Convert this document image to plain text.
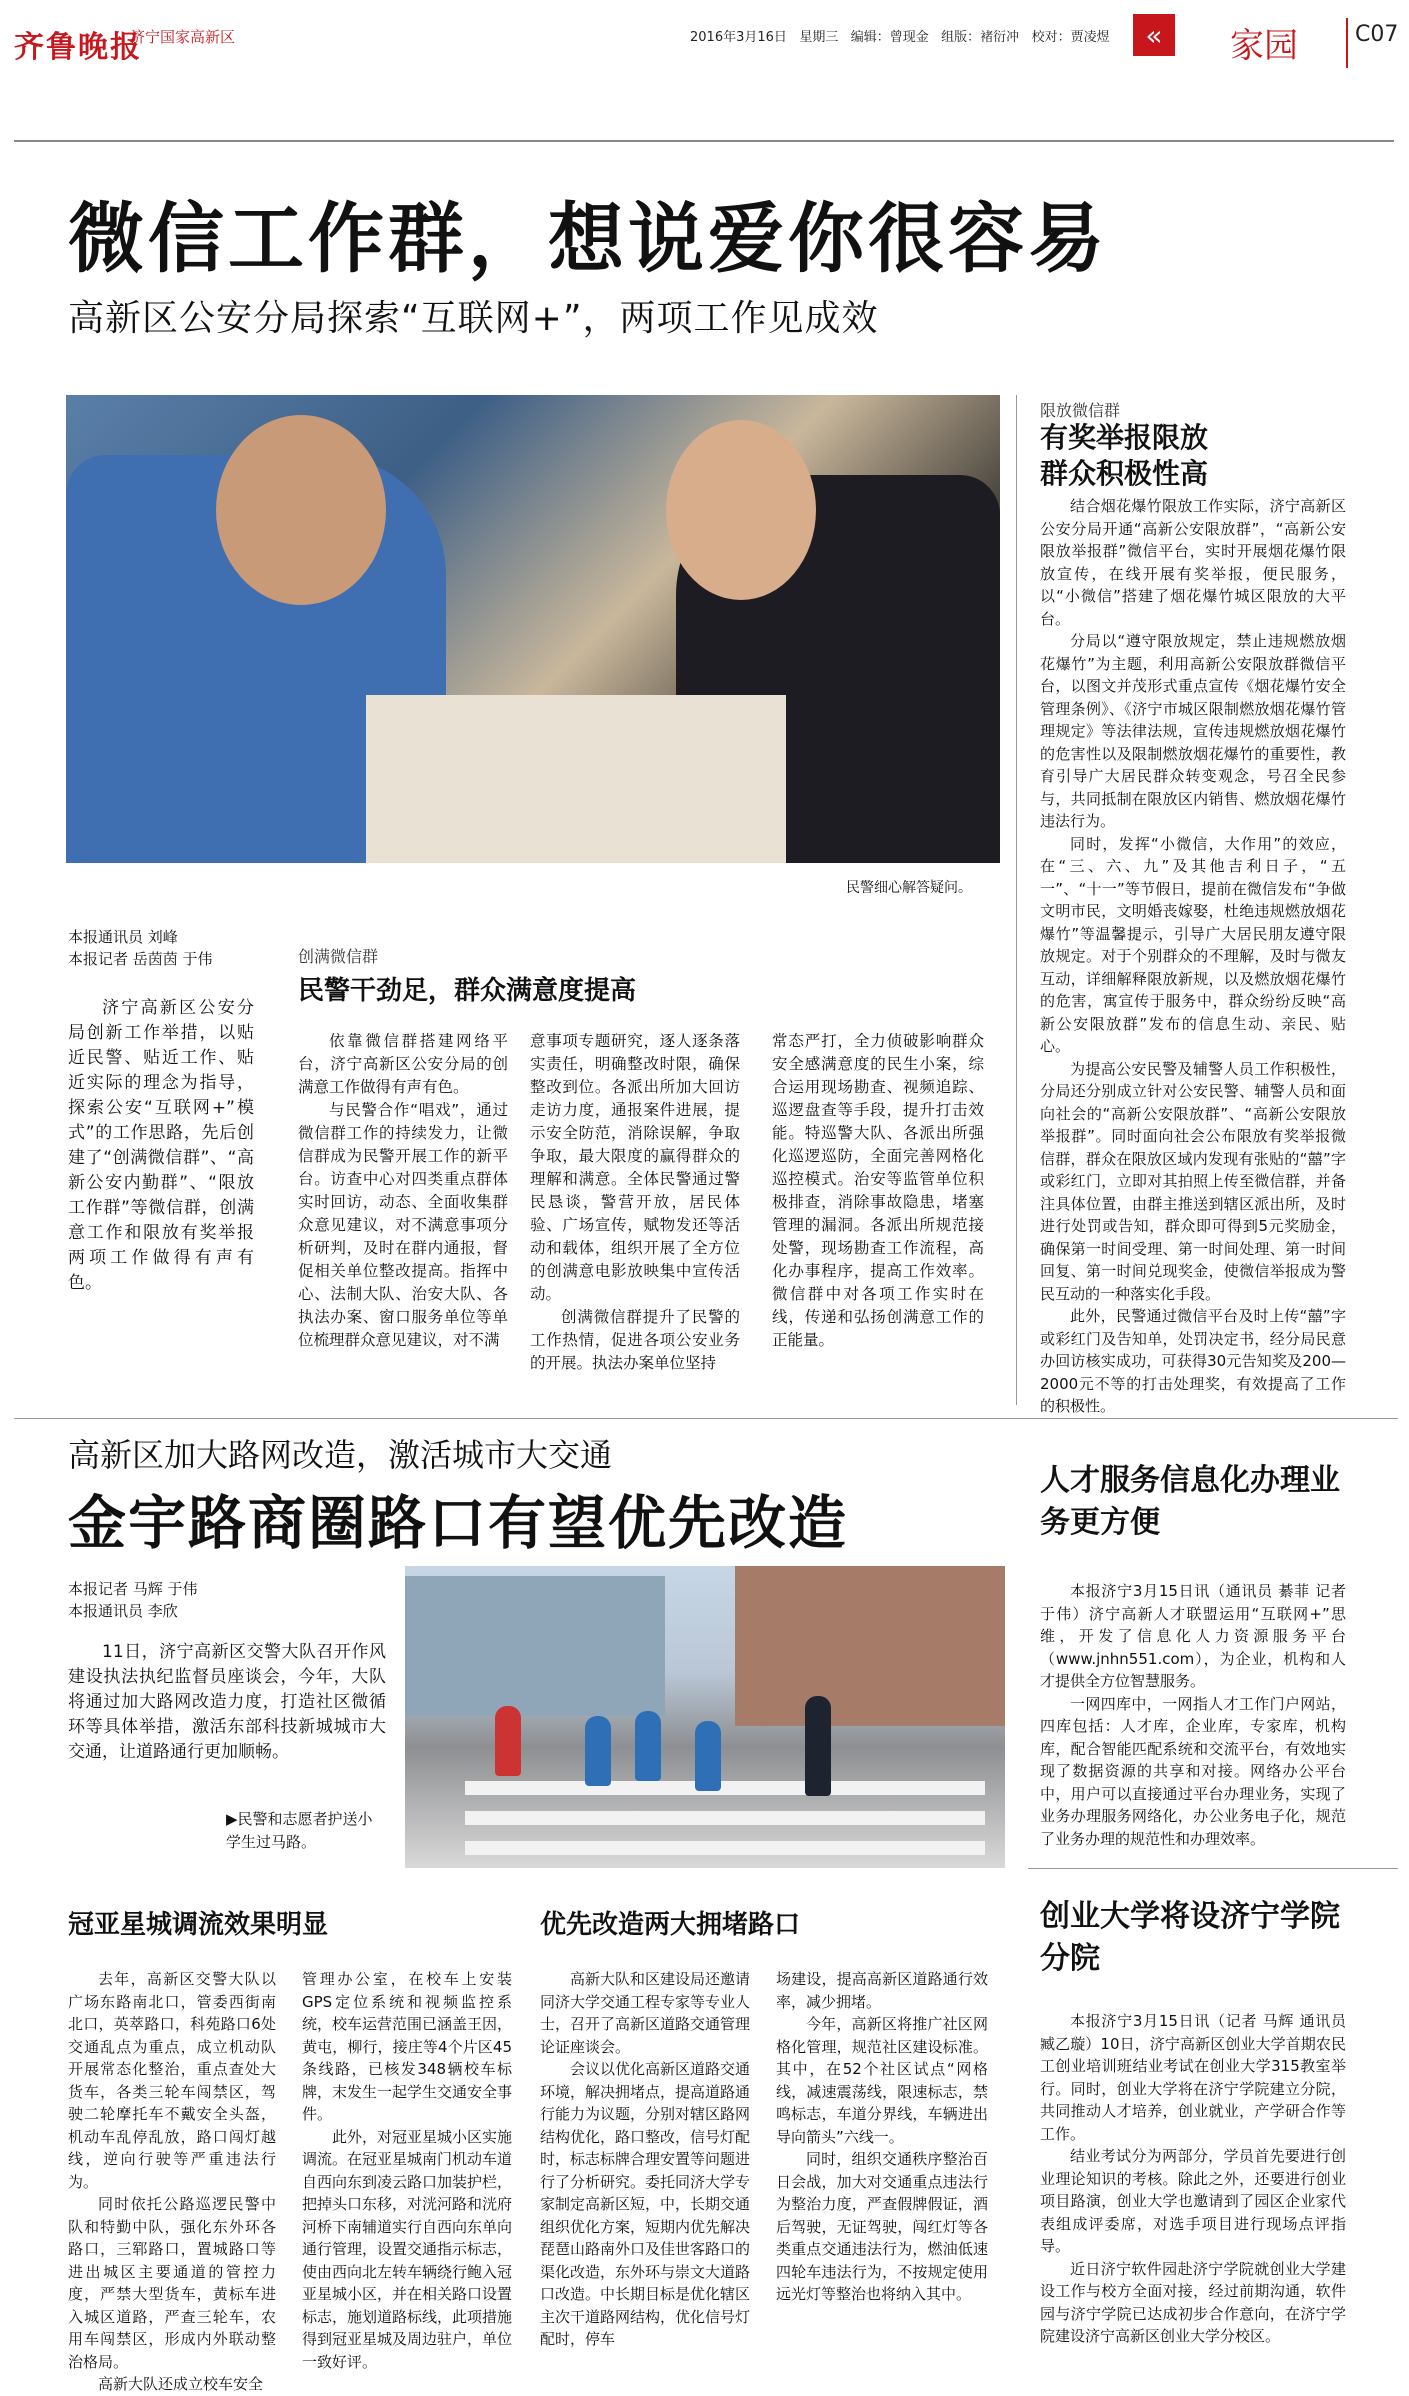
齐鲁晚报
济宁国家高新区	2016年3月16日 星期三 编辑：曾现金 组版：褚衍冲 校对：贾凌煜	«	家园	C07
微信工作群，想说爱你很容易
高新区公安分局探索“互联网+”，两项工作见成效
民警细心解答疑问。
本报通讯员 刘峰
本报记者 岳茵茵 于伟
济宁高新区公安分局创新工作举措，以贴近民警、贴近工作、贴近实际的理念为指导，探索公安“互联网+”模式”的工作思路，先后创建了“创满微信群”、“高新公安内勤群”、“限放工作群”等微信群，创满意工作和限放有奖举报两项工作做得有声有色。
创满微信群
民警干劲足，群众满意度提高
依靠微信群搭建网络平台，济宁高新区公安分局的创满意工作做得有声有色。
与民警合作“唱戏”，通过微信群工作的持续发力，让微信群成为民警开展工作的新平台。访查中心对四类重点群体实时回访，动态、全面收集群众意见建议，对不满意事项分析研判，及时在群内通报，督促相关单位整改提高。指挥中心、法制大队、治安大队、各执法办案、窗口服务单位等单位梳理群众意见建议，对不满
意事项专题研究，逐人逐条落实责任，明确整改时限，确保整改到位。各派出所加大回访走访力度，通报案件进展，提示安全防范，消除误解，争取争取，最大限度的赢得群众的理解和满意。全体民警通过警民恳谈，警营开放，居民体验、广场宣传，赋物发还等活动和载体，组织开展了全方位的创满意电影放映集中宣传活动。
创满微信群提升了民警的工作热情，促进各项公安业务的开展。执法办案单位坚持
常态严打，全力侦破影响群众安全感满意度的民生小案，综合运用现场勘查、视频追踪、巡逻盘查等手段，提升打击效能。特巡警大队、各派出所强化巡逻巡防，全面完善网格化巡控模式。治安等监管单位积极排查，消除事故隐患，堵塞管理的漏洞。各派出所规范接处警，现场勘查工作流程，高化办事程序，提高工作效率。微信群中对各项工作实时在线，传递和弘扬创满意工作的正能量。
限放微信群
有奖举报限放群众积极性高
结合烟花爆竹限放工作实际，济宁高新区公安分局开通“高新公安限放群”，“高新公安限放举报群”微信平台，实时开展烟花爆竹限放宣传，在线开展有奖举报，便民服务，以“小微信”搭建了烟花爆竹城区限放的大平台。
分局以“遵守限放规定，禁止违规燃放烟花爆竹”为主题，利用高新公安限放群微信平台，以图文并茂形式重点宣传《烟花爆竹安全管理条例》、《济宁市城区限制燃放烟花爆竹管理规定》等法律法规，宣传违规燃放烟花爆竹的危害性以及限制燃放烟花爆竹的重要性，教育引导广大居民群众转变观念，号召全民参与，共同抵制在限放区内销售、燃放烟花爆竹违法行为。
同时，发挥“小微信，大作用”的效应，在“三、六、九”及其他吉利日子，“五一”、“十一”等节假日，提前在微信发布“争做文明市民，文明婚丧嫁娶，杜绝违规燃放烟花爆竹”等温馨提示，引导广大居民朋友遵守限放规定。对于个别群众的不理解，及时与微友互动，详细解释限放新规，以及燃放烟花爆竹的危害，寓宣传于服务中，群众纷纷反映“高新公安限放群”发布的信息生动、亲民、贴心。
为提高公安民警及辅警人员工作积极性，分局还分别成立针对公安民警、辅警人员和面向社会的“高新公安限放群”、“高新公安限放举报群”。同时面向社会公布限放有奖举报微信群，群众在限放区域内发现有张贴的“囍”字或彩红门，立即对其拍照上传至微信群，并备注具体位置，由群主推送到辖区派出所，及时进行处罚或告知，群众即可得到5元奖励金，确保第一时间受理、第一时间处理、第一时间回复、第一时间兑现奖金，使微信举报成为警民互动的一种落实化手段。
此外，民警通过微信平台及时上传“囍”字或彩红门及告知单，处罚决定书，经分局民意办回访核实成功，可获得30元告知奖及200—2000元不等的打击处理奖，有效提高了工作的积极性。
高新区加大路网改造，激活城市大交通
金宇路商圈路口有望优先改造
本报记者 马辉 于伟
本报通讯员 李欣
11日，济宁高新区交警大队召开作风建设执法执纪监督员座谈会，今年，大队将通过加大路网改造力度，打造社区微循环等具体举措，激活东部科技新城城市大交通，让道路通行更加顺畅。
▶民警和志愿者护送小学生过马路。
冠亚星城调流效果明显	优先改造两大拥堵路口
去年，高新区交警大队以广场东路南北口，管委西街南北口，英萃路口，科苑路口6处交通乱点为重点，成立机动队开展常态化整治，重点查处大货车，各类三轮车闯禁区，驾驶二轮摩托车不戴安全头盔，机动车乱停乱放，路口闯灯越线，逆向行驶等严重违法行为。
同时依托公路巡逻民警中队和特勤中队，强化东外环各路口，三郓路口，置城路口等进出城区主要通道的管控力度，严禁大型货车，黄标车进入城区道路，严查三轮车，农用车闯禁区，形成内外联动整治格局。
高新大队还成立校车安全
管理办公室，在校车上安装GPS定位系统和视频监控系统，校车运营范围已涵盖王因，黄屯，柳行，接庄等4个片区45条线路，已核发348辆校车标牌，末发生一起学生交通安全事件。
此外，对冠亚星城小区实施调流。在冠亚星城南门机动车道自西向东到凌云路口加装护栏，把掉头口东移，对洸河路和洸府河桥下南辅道实行自西向东单向通行管理，设置交通指示标志，使由西向北左转车辆绕行鲍入冠亚星城小区，并在相关路口设置标志，施划道路标线，此项措施得到冠亚星城及周边驻户，单位一致好评。
高新大队和区建设局还邀请同济大学交通工程专家等专业人士，召开了高新区道路交通管理论证座谈会。
会议以优化高新区道路交通环境，解决拥堵点，提高道路通行能力为议题，分别对辖区路网结构优化，路口整改，信号灯配时，标志标牌合理安置等问题进行了分析研究。委托同济大学专家制定高新区短，中，长期交通组织优化方案，短期内优先解决琵琶山路南外口及佳世客路口的渠化改造，东外环与崇文大道路口改造。中长期目标是优化辖区主次干道路网结构，优化信号灯配时，停车
场建设，提高高新区道路通行效率，减少拥堵。
今年，高新区将推广社区网格化管理，规范社区建设标准。其中，在52个社区试点“网格线，减速震荡线，限速标志，禁鸣标志，车道分界线，车辆进出导向箭头”六线一。
同时，组织交通秩序整治百日会战，加大对交通重点违法行为整治力度，严查假牌假证，酒后驾驶，无证驾驶，闯红灯等各类重点交通违法行为，燃油低速四轮车违法行为，不按规定使用远光灯等整治也将纳入其中。
人才服务信息化办理业务更方便
本报济宁3月15日讯（通讯员 綦菲 记者 于伟）济宁高新人才联盟运用“互联网+”思维，开发了信息化人力资源服务平台（www.jnhn551.com），为企业，机构和人才提供全方位智慧服务。
一网四库中，一网指人才工作门户网站，四库包括：人才库，企业库，专家库，机构库，配合智能匹配系统和交流平台，有效地实现了数据资源的共享和对接。网络办公平台中，用户可以直接通过平台办理业务，实现了业务办理服务网络化，办公业务电子化，规范了业务办理的规范性和办理效率。
创业大学将设济宁学院分院
本报济宁3月15日讯（记者 马辉 通讯员 臧乙璇）10日，济宁高新区创业大学首期农民工创业培训班结业考试在创业大学315教室举行。同时，创业大学将在济宁学院建立分院，共同推动人才培养，创业就业，产学研合作等工作。
结业考试分为两部分，学员首先要进行创业理论知识的考核。除此之外，还要进行创业项目路演，创业大学也邀请到了园区企业家代表组成评委席，对选手项目进行现场点评指导。
近日济宁软件园赴济宁学院就创业大学建设工作与校方全面对接，经过前期沟通，软件园与济宁学院已达成初步合作意向，在济宁学院建设济宁高新区创业大学分校区。
